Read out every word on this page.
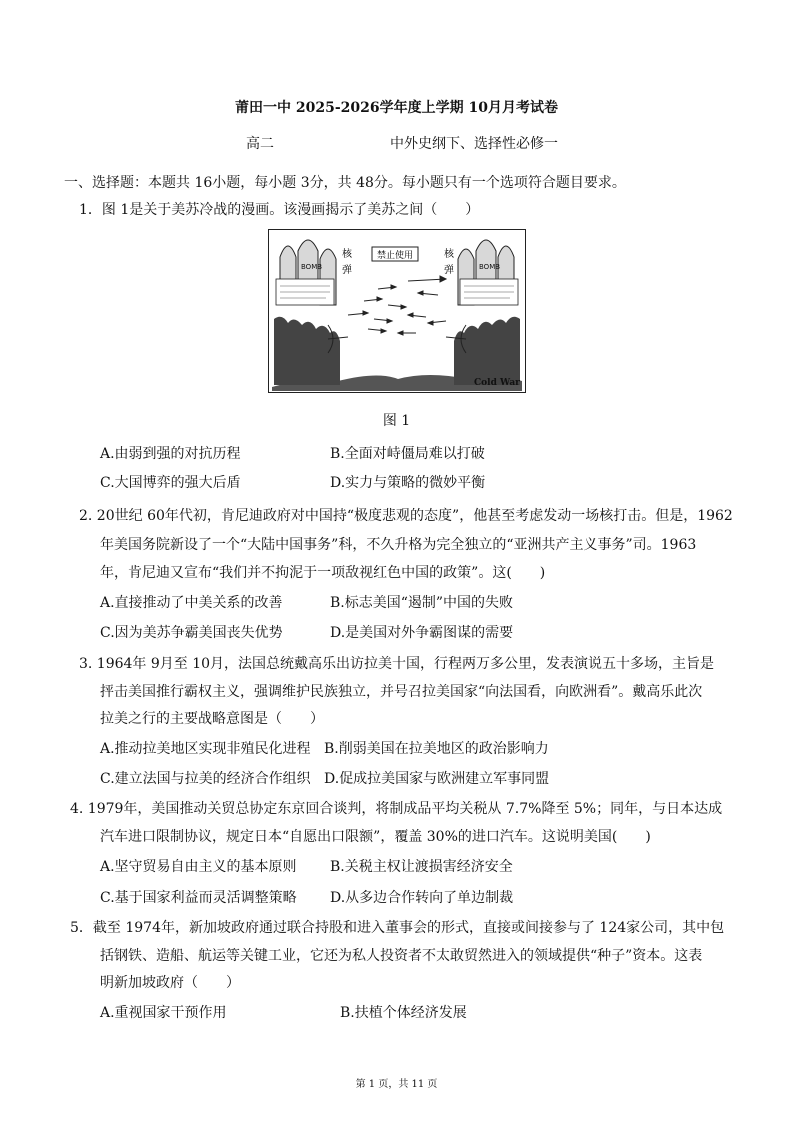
莆田一中 2025-2026学年度上学期 10月月考试卷
高二	中外史纲下、选择性必修一
一、选择题：本题共 16小题，每小题 3分，共 48分。每小题只有一个选项符合题目要求。
1．图 1是关于美苏冷战的漫画。该漫画揭示了美苏之间（　　）
BOMB	BOMB
核
弹
核
弹
禁止使用
Cold War
图 1
A.由弱到强的对抗历程	B.全面对峙僵局难以打破
C.大国博弈的强大后盾	D.实力与策略的微妙平衡
2. 20世纪 60年代初，肯尼迪政府对中国持“极度悲观的态度”，他甚至考虑发动一场核打击。但是，1962
年美国务院新设了一个“大陆中国事务”科，不久升格为完全独立的“亚洲共产主义事务”司。1963
年，肯尼迪又宣布“我们并不拘泥于一项敌视红色中国的政策”。这(　　)
A.直接推动了中美关系的改善	B.标志美国“遏制”中国的失败
C.因为美苏争霸美国丧失优势	D.是美国对外争霸图谋的需要
3. 1964年 9月至 10月，法国总统戴高乐出访拉美十国，行程两万多公里，发表演说五十多场，主旨是
抨击美国推行霸权主义，强调维护民族独立，并号召拉美国家“向法国看，向欧洲看”。戴高乐此次
拉美之行的主要战略意图是（　　）
A.推动拉美地区实现非殖民化进程 B.削弱美国在拉美地区的政治影响力
C.建立法国与拉美的经济合作组织 D.促成拉美国家与欧洲建立军事同盟
4. 1979年，美国推动关贸总协定东京回合谈判，将制成品平均关税从 7.7%降至 5%；同年，与日本达成
汽车进口限制协议，规定日本“自愿出口限额”，覆盖 30%的进口汽车。这说明美国(　　)
A.坚守贸易自由主义的基本原则 B.关税主权让渡损害经济安全
C.基于国家利益而灵活调整策略 D.从多边合作转向了单边制裁
5．截至 1974年，新加坡政府通过联合持股和进入董事会的形式，直接或间接参与了 124家公司，其中包
括钢铁、造船、航运等关键工业，它还为私人投资者不太敢贸然进入的领域提供“种子”资本。这表
明新加坡政府（　　）
A.重视国家干预作用	B.扶植个体经济发展
第 1 页，共 11 页
